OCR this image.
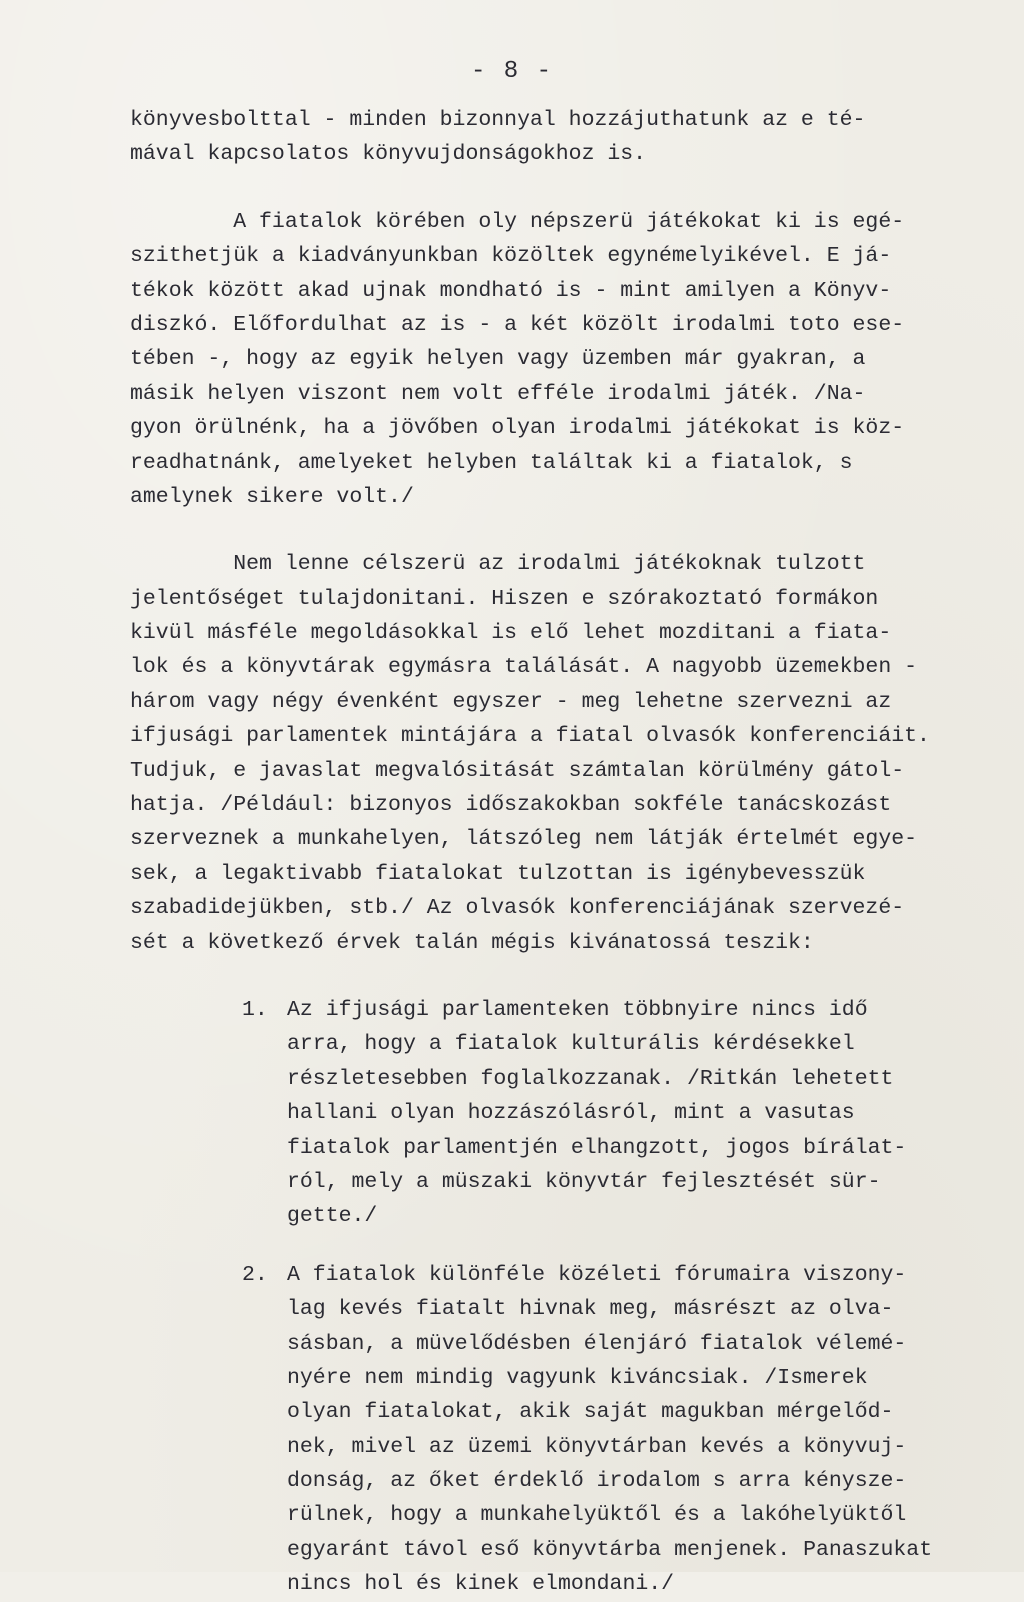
- 8 -
könyvesbolttal - minden bizonnyal hozzájuthatunk az e té-
mával kapcsolatos könyvujdonságokhoz is.
A fiatalok körében oly népszerü játékokat ki is egé-
szithetjük a kiadványunkban közöltek egynémelyikével. E já-
tékok között akad ujnak mondható is - mint amilyen a Könyv-
diszkó. Előfordulhat az is - a két közölt irodalmi toto ese-
tében -, hogy az egyik helyen vagy üzemben már gyakran, a
másik helyen viszont nem volt efféle irodalmi játék. /Na-
gyon örülnénk, ha a jövőben olyan irodalmi játékokat is köz-
readhatnánk, amelyeket helyben találtak ki a fiatalok, s
amelynek sikere volt./
Nem lenne célszerü az irodalmi játékoknak tulzott
jelentőséget tulajdonitani. Hiszen e szórakoztató formákon
kivül másféle megoldásokkal is elő lehet mozditani a fiata-
lok és a könyvtárak egymásra találását. A nagyobb üzemekben -
három vagy négy évenként egyszer - meg lehetne szervezni az
ifjusági parlamentek mintájára a fiatal olvasók konferenciáit.
Tudjuk, e javaslat megvalósitását számtalan körülmény gátol-
hatja. /Például: bizonyos időszakokban sokféle tanácskozást
szerveznek a munkahelyen, látszóleg nem látják értelmét egye-
sek, a legaktivabb fiatalokat tulzottan is igénybevesszük
szabadidejükben, stb./ Az olvasók konferenciájának szervezé-
sét a következő érvek talán mégis kivánatossá teszik:
1. Az ifjusági parlamenteken többnyire nincs idő
arra, hogy a fiatalok kulturális kérdésekkel
részletesebben foglalkozzanak. /Ritkán lehetett
hallani olyan hozzászólásról, mint a vasutas
fiatalok parlamentjén elhangzott, jogos bírálat-
ról, mely a müszaki könyvtár fejlesztését sür-
gette./
2. A fiatalok különféle közéleti fórumaira viszony-
lag kevés fiatalt hivnak meg, másrészt az olva-
sásban, a müvelődésben élenjáró fiatalok vélemé-
nyére nem mindig vagyunk kiváncsiak. /Ismerek
olyan fiatalokat, akik saját magukban mérgelőd-
nek, mivel az üzemi könyvtárban kevés a könyvuj-
donság, az őket érdeklő irodalom s arra kénysze-
rülnek, hogy a munkahelyüktől és a lakóhelyüktől
egyaránt távol eső könyvtárba menjenek. Panaszukat
nincs hol és kinek elmondani./
